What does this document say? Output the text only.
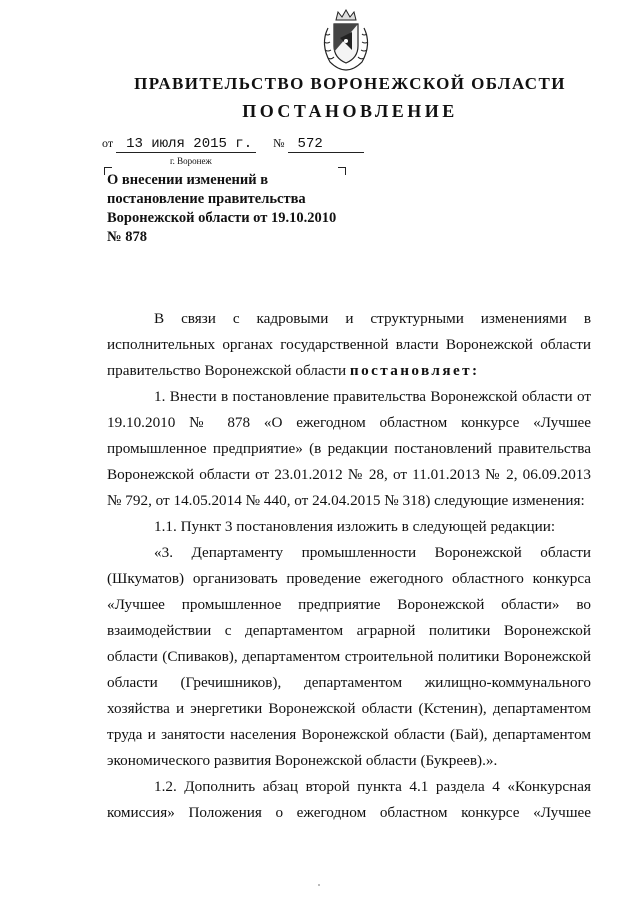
ПРАВИТЕЛЬСТВО ВОРОНЕЖСКОЙ ОБЛАСТИ
ПОСТАНОВЛЕНИЕ
от 13 июля 2015 г. № 572
г. Воронеж
О внесении изменений в постановление правительства Воронежской области от 19.10.2010 № 878

В связи с кадровыми и структурными изменениями в исполнительных органах государственной власти Воронежской области правительство Воронежской области постановляет:

1. Внести в постановление правительства Воронежской области от 19.10.2010 № 878 «О ежегодном областном конкурсе «Лучшее промышленное предприятие» (в редакции постановлений правительства Воронежской области от 23.01.2012 № 28, от 11.01.2013 № 2, 06.09.2013 № 792, от 14.05.2014 № 440, от 24.04.2015 № 318) следующие изменения:

1.1. Пункт 3 постановления изложить в следующей редакции:

«3. Департаменту промышленности Воронежской области (Шкуматов) организовать проведение ежегодного областного конкурса «Лучшее промышленное предприятие Воронежской области» во взаимодействии с департаментом аграрной политики Воронежской области (Спиваков), департаментом строительной политики Воронежской области (Гречишников), департаментом жилищно-коммунального хозяйства и энергетики Воронежской области (Кстенин), департаментом труда и занятости населения Воронежской области (Бай), департаментом экономического развития Воронежской области (Букреев).».

1.2. Дополнить абзац второй пункта 4.1 раздела 4 «Конкурсная комиссия» Положения о ежегодном областном конкурсе «Лучшее
